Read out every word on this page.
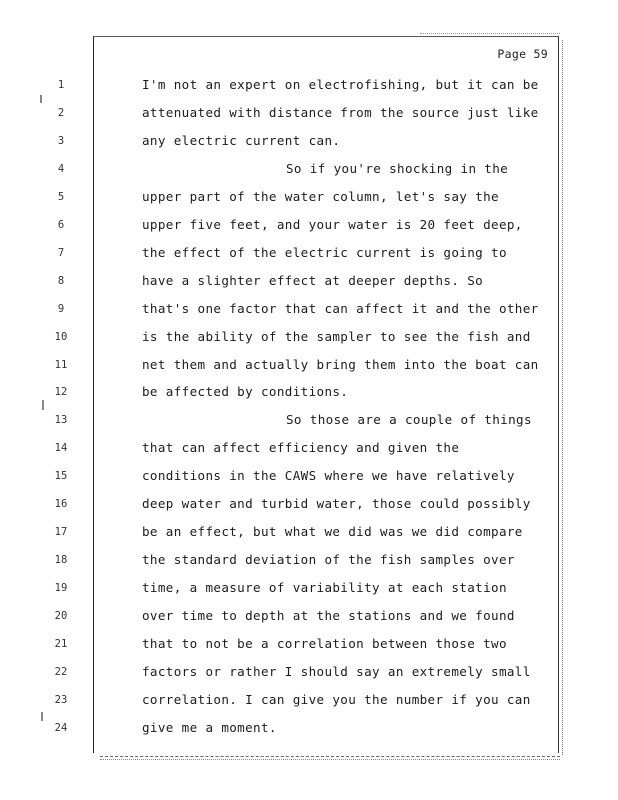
Page 59
1	I'm not an expert on electrofishing, but it can be
2	attenuated with distance from the source just like
3	any electric current can.
4	So if you're shocking in the
5	upper part of the water column, let's say the
6	upper five feet, and your water is 20 feet deep,
7	the effect of the electric current is going to
8	have a slighter effect at deeper depths. So
9	that's one factor that can affect it and the other
10	is the ability of the sampler to see the fish and
11	net them and actually bring them into the boat can
12	be affected by conditions.
13	So those are a couple of things
14	that can affect efficiency and given the
15	conditions in the CAWS where we have relatively
16	deep water and turbid water, those could possibly
17	be an effect, but what we did was we did compare
18	the standard deviation of the fish samples over
19	time, a measure of variability at each station
20	over time to depth at the stations and we found
21	that to not be a correlation between those two
22	factors or rather I should say an extremely small
23	correlation. I can give you the number if you can
24	give me a moment.
